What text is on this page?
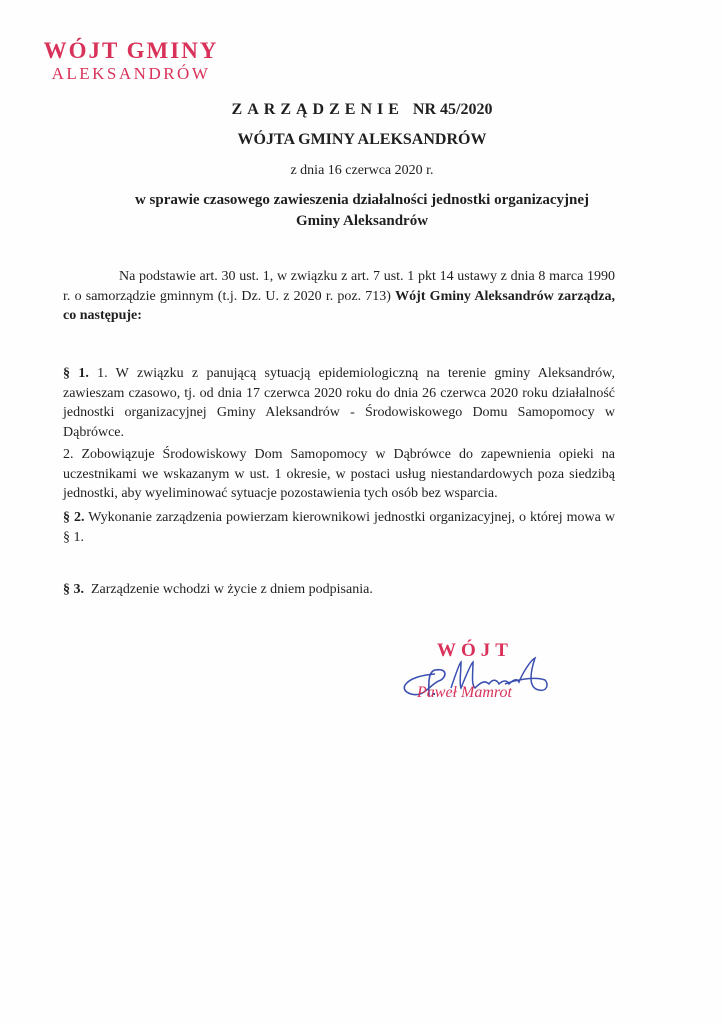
WÓJT GMINY
ALEKSANDRÓW
ZARZĄDZENIE NR 45/2020
WÓJTA GMINY ALEKSANDRÓW
z dnia 16 czerwca 2020 r.
w sprawie czasowego zawieszenia działalności jednostki organizacyjnej
Gminy Aleksandrów
Na podstawie art. 30 ust. 1, w związku z art. 7 ust. 1 pkt 14 ustawy z dnia 8 marca 1990 r. o samorządzie gminnym (t.j. Dz. U. z 2020 r. poz. 713) Wójt Gminy Aleksandrów zarządza, co następuje:
§ 1. 1. W związku z panującą sytuacją epidemiologiczną na terenie gminy Aleksandrów, zawieszam czasowo, tj. od dnia 17 czerwca 2020 roku do dnia 26 czerwca 2020 roku działalność jednostki organizacyjnej Gminy Aleksandrów - Środowiskowego Domu Samopomocy w Dąbrówce.
2. Zobowiązuje Środowiskowy Dom Samopomocy w Dąbrówce do zapewnienia opieki na uczestnikami we wskazanym w ust. 1 okresie, w postaci usług niestandardowych poza siedzibą jednostki, aby wyeliminować sytuacje pozostawienia tych osób bez wsparcia.
§ 2. Wykonanie zarządzenia powierzam kierownikowi jednostki organizacyjnej, o której mowa w § 1.
§ 3.  Zarządzenie wchodzi w życie z dniem podpisania.
WÓJT
Paweł Mamrot
